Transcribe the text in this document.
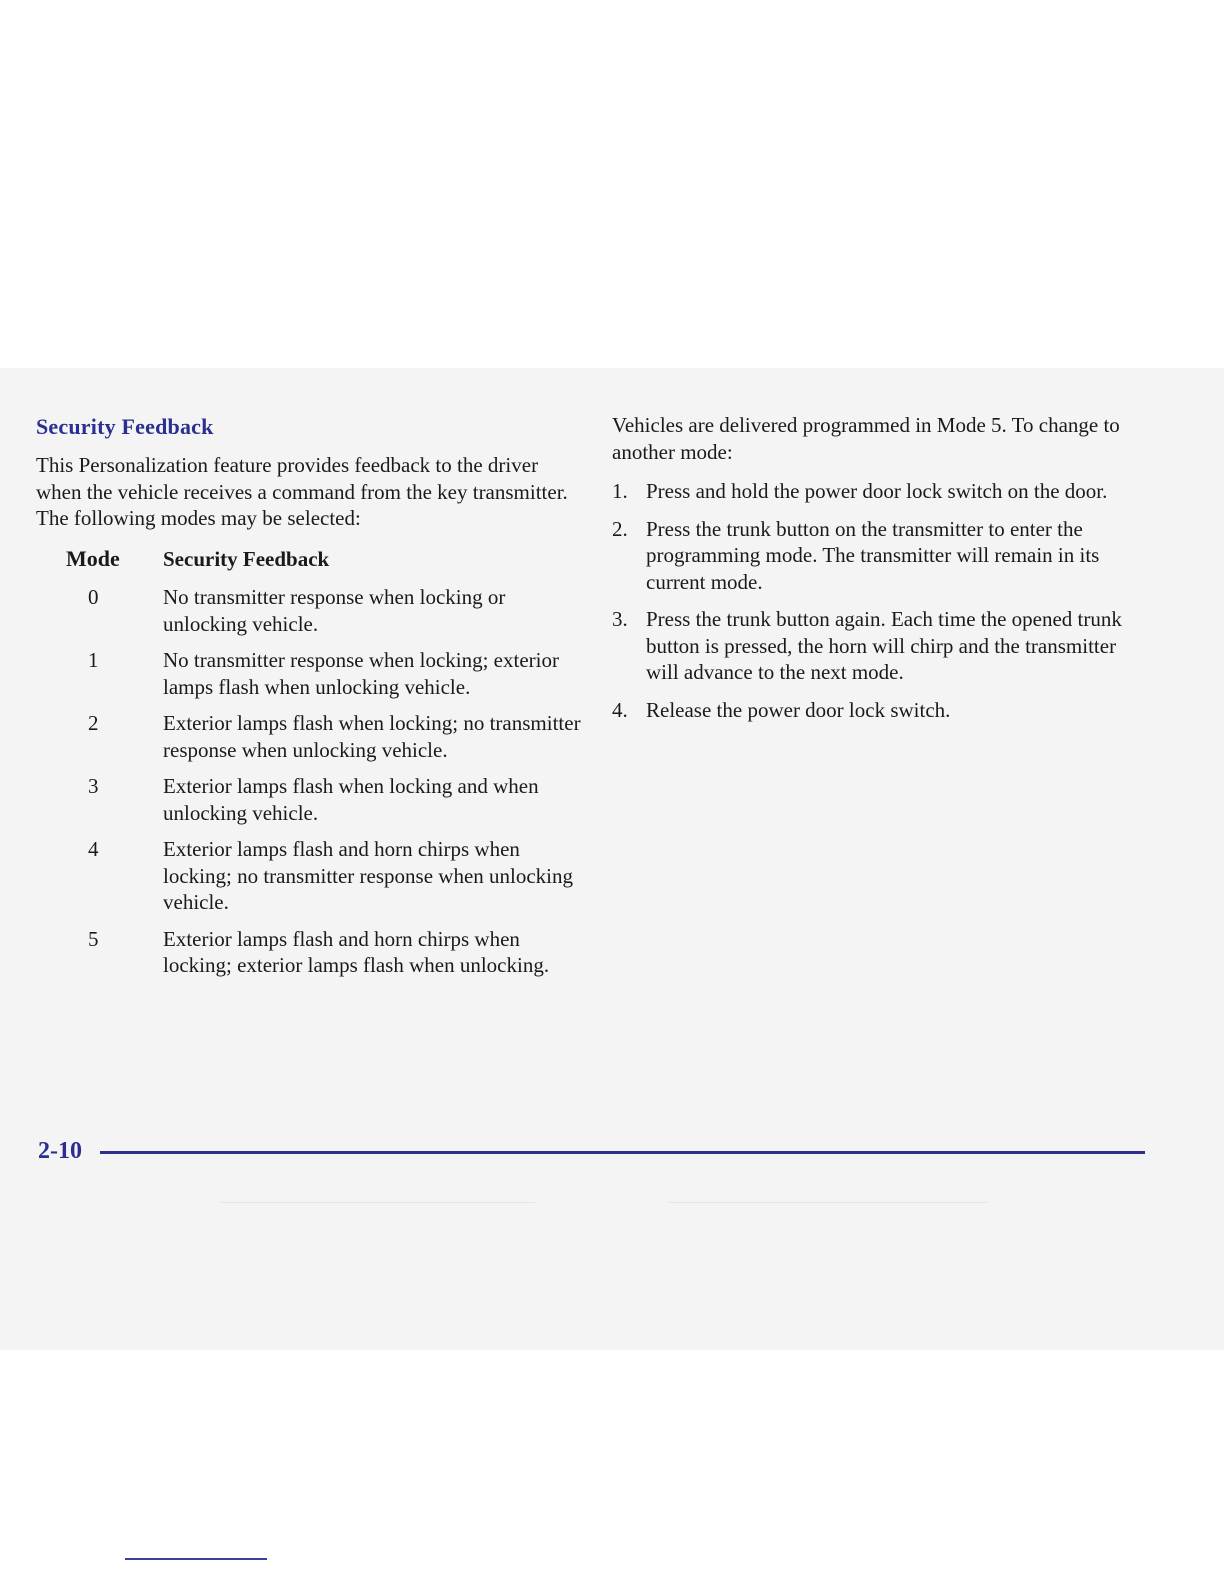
Security Feedback

This Personalization feature provides feedback to the driver when the vehicle receives a command from the key transmitter. The following modes may be selected:

Mode	Security Feedback
0	No transmitter response when locking or unlocking vehicle.
1	No transmitter response when locking; exterior lamps flash when unlocking vehicle.
2	Exterior lamps flash when locking; no transmitter response when unlocking vehicle.
3	Exterior lamps flash when locking and when unlocking vehicle.
4	Exterior lamps flash and horn chirps when locking; no transmitter response when unlocking vehicle.
5	Exterior lamps flash and horn chirps when locking; exterior lamps flash when unlocking.

Vehicles are delivered programmed in Mode 5. To change to another mode:

1. Press and hold the power door lock switch on the door.
2. Press the trunk button on the transmitter to enter the programming mode. The transmitter will remain in its current mode.
3. Press the trunk button again. Each time the opened trunk button is pressed, the horn will chirp and the transmitter will advance to the next mode.
4. Release the power door lock switch.
2-10
